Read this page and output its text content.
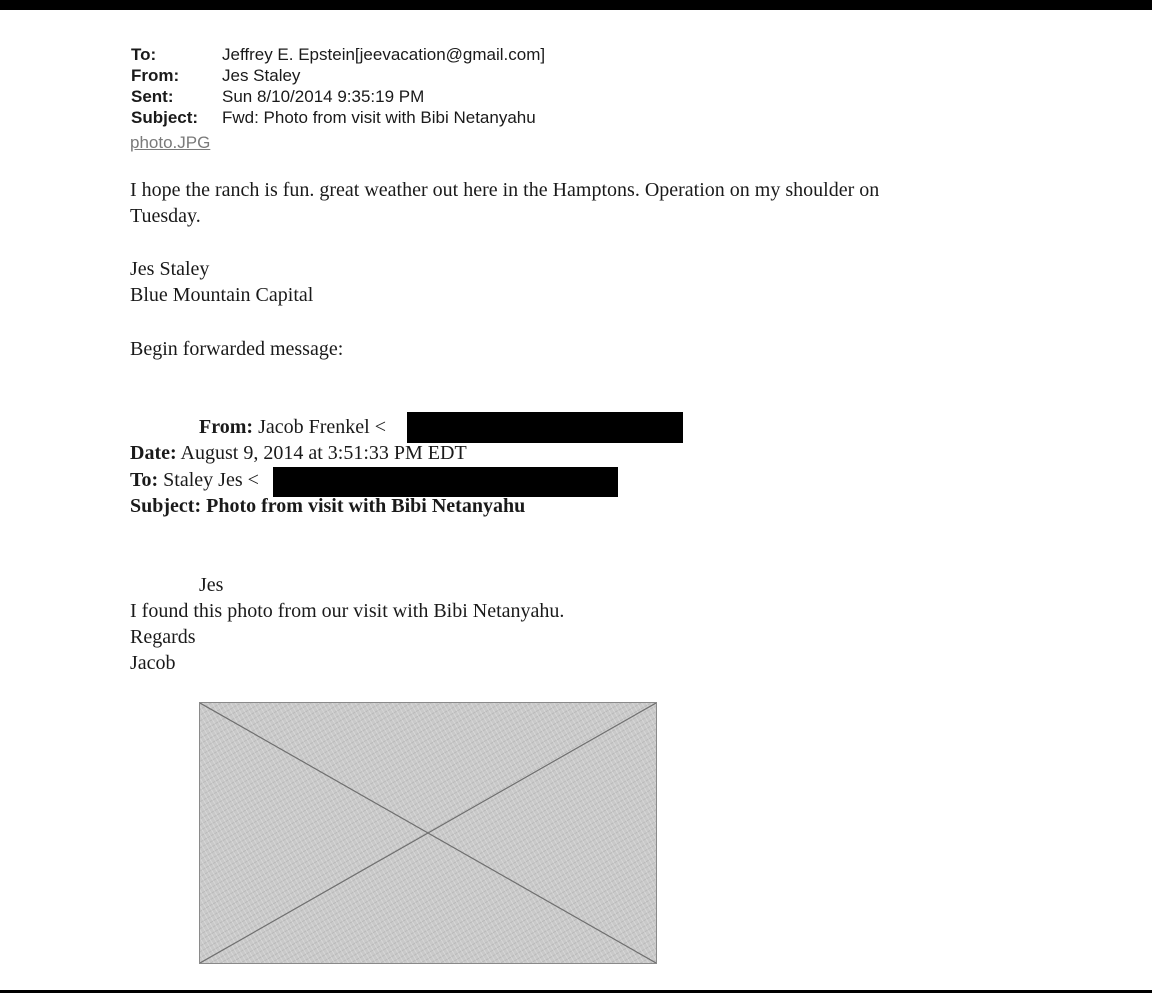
To:	Jeffrey E. Epstein[jeevacation@gmail.com]
From:	Jes Staley
Sent:	Sun 8/10/2014 9:35:19 PM
Subject:	Fwd: Photo from visit with Bibi Netanyahu
photo.JPG
I hope the ranch is fun. great weather out here in the Hamptons. Operation on my shoulder on
Tuesday.
Jes Staley
Blue Mountain Capital
Begin forwarded message:
From: Jacob Frenkel <
Date: August 9, 2014 at 3:51:33 PM EDT
To: Staley Jes <
Subject: Photo from visit with Bibi Netanyahu
Jes
I found this photo from our visit with Bibi Netanyahu.
Regards
Jacob
